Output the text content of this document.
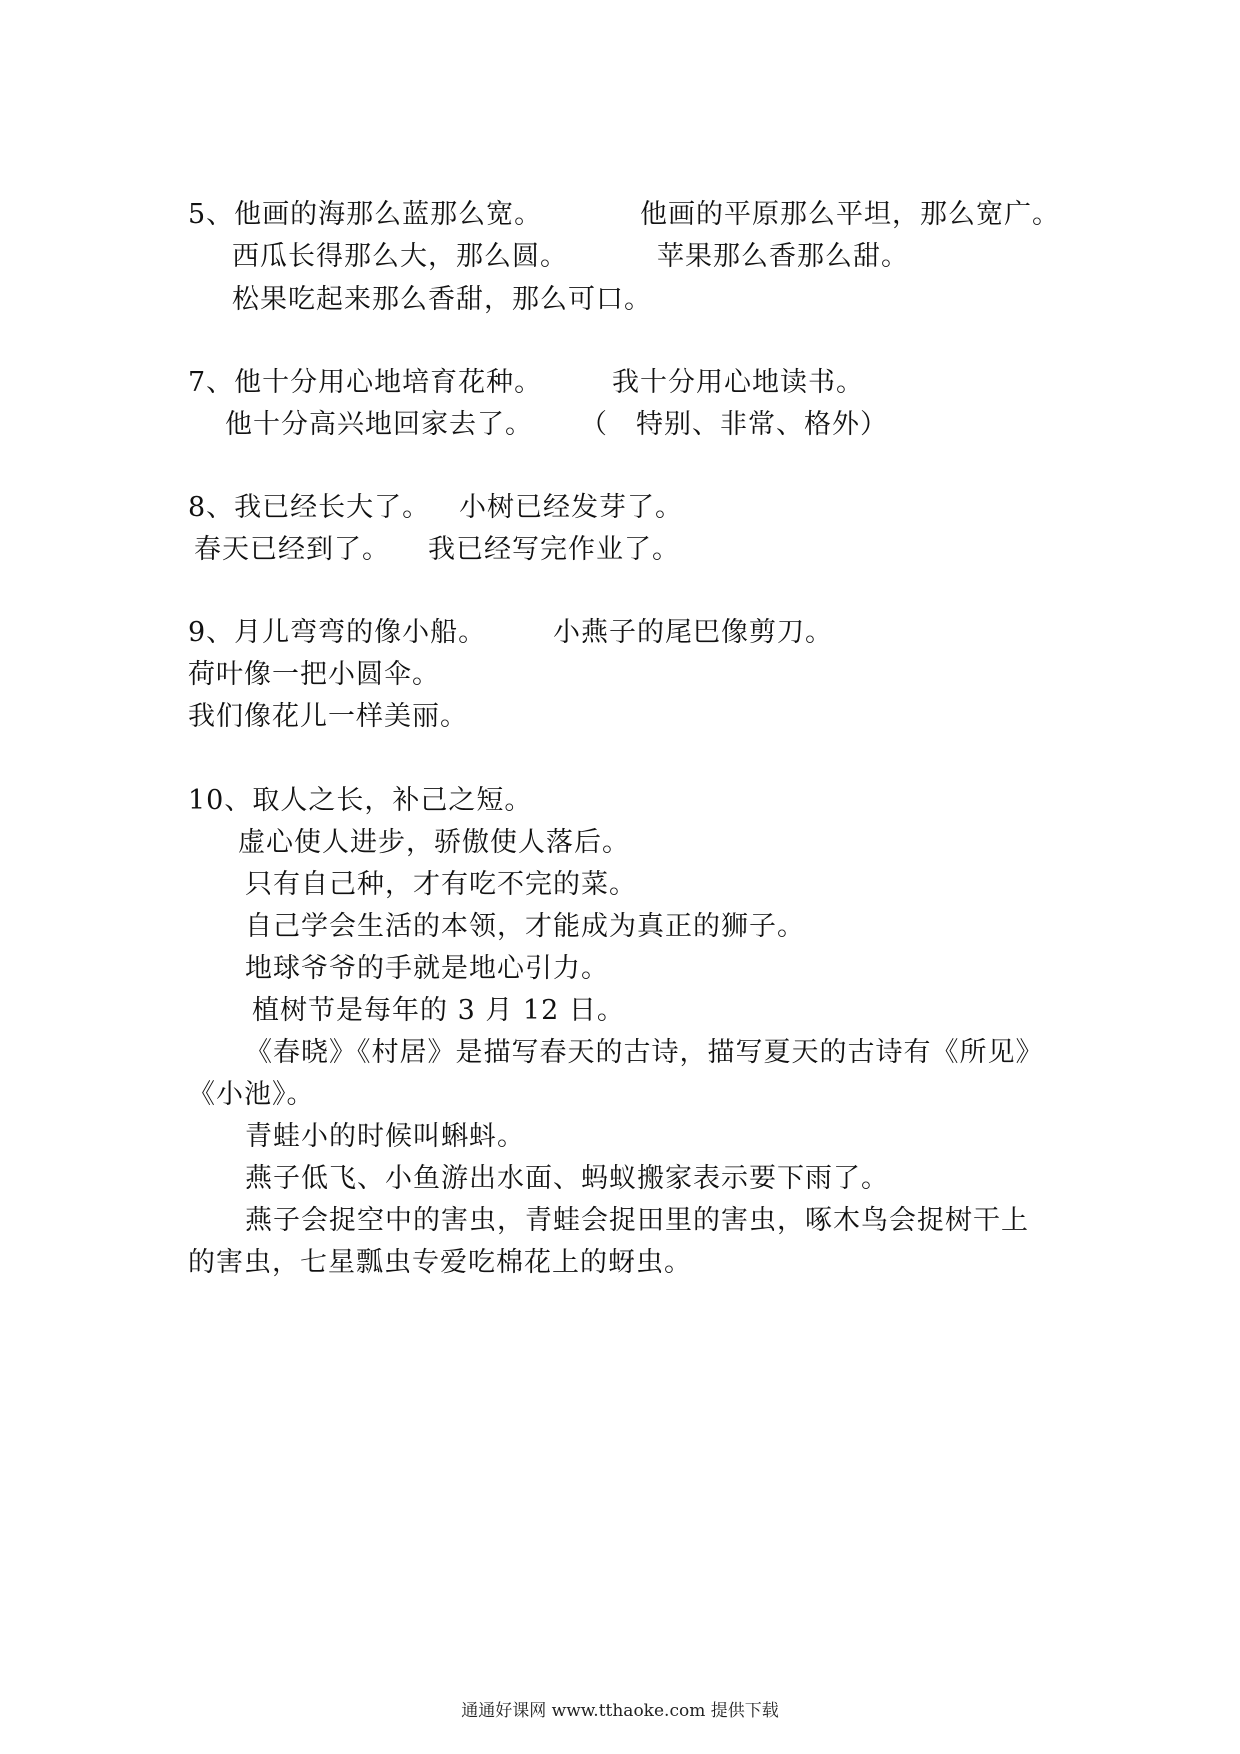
5、他画的海那么蓝那么宽。	他画的平原那么平坦，那么宽广。
西瓜长得那么大，那么圆。	苹果那么香那么甜。
松果吃起来那么香甜，那么可口。
7、他十分用心地培育花种。	我十分用心地读书。
他十分高兴地回家去了。 （　特别、非常、格外）
8、我已经长大了。 小树已经发芽了。
春天已经到了。 我已经写完作业了。
9、月儿弯弯的像小船。 小燕子的尾巴像剪刀。
荷叶像一把小圆伞。
我们像花儿一样美丽。
10、取人之长，补己之短。
虚心使人进步，骄傲使人落后。
只有自己种，才有吃不完的菜。
自己学会生活的本领，才能成为真正的狮子。
地球爷爷的手就是地心引力。
植树节是每年的 3 月 12 日。
《春晓》《村居》是描写春天的古诗，描写夏天的古诗有《所见》
《小池》。
青蛙小的时候叫蝌蚪。
燕子低飞、小鱼游出水面、蚂蚁搬家表示要下雨了。
燕子会捉空中的害虫，青蛙会捉田里的害虫，啄木鸟会捉树干上
的害虫，七星瓢虫专爱吃棉花上的蚜虫。
通通好课网 www.tthaoke.com 提供下载
